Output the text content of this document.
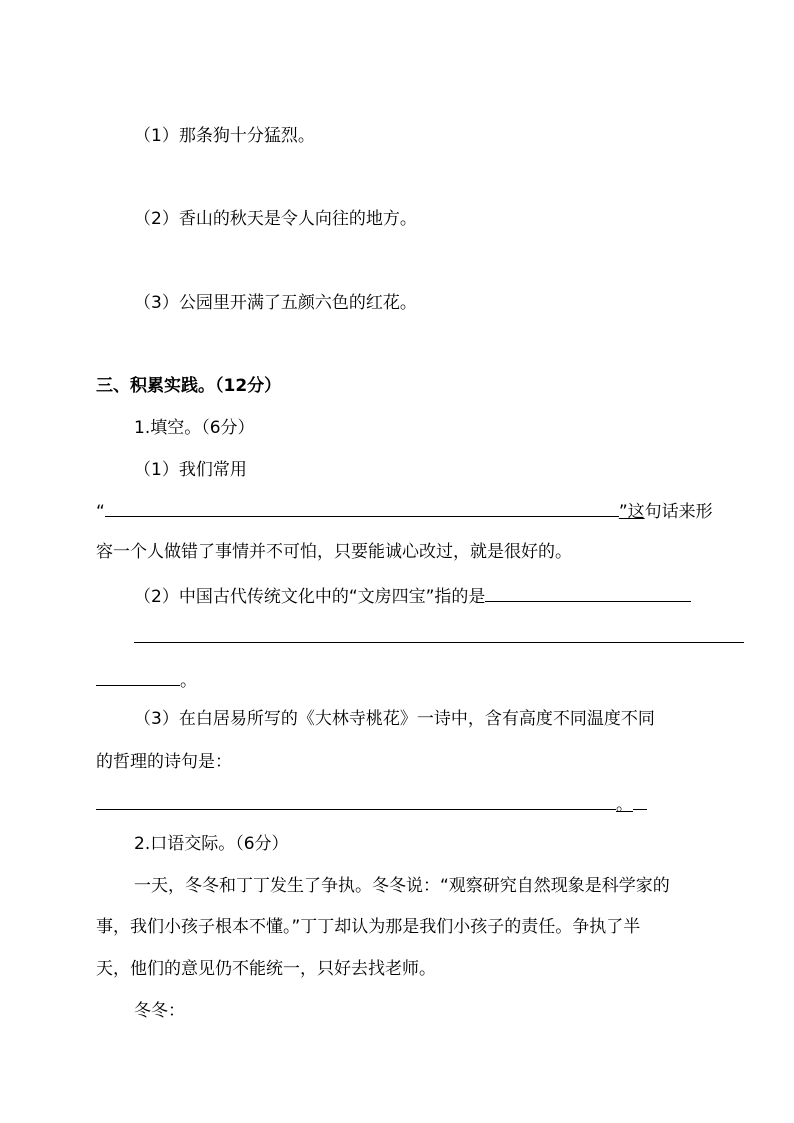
（1）那条狗十分猛烈。
（2）香山的秋天是令人向往的地方。
（3）公园里开满了五颜六色的红花。
三、积累实践。（12分）
1.填空。（6分）
（1）我们常用
“	”这句话来形
容一个人做错了事情并不可怕，只要能诚心改过，就是很好的。
（2）中国古代传统文化中的“文房四宝”指的是
。
（3）在白居易所写的《大林寺桃花》一诗中，含有高度不同温度不同
的哲理的诗句是：
。
2.口语交际。（6分）
一天，冬冬和丁丁发生了争执。冬冬说：“观察研究自然现象是科学家的
事，我们小孩子根本不懂。”丁丁却认为那是我们小孩子的责任。争执了半
天，他们的意见仍不能统一，只好去找老师。
冬冬：
